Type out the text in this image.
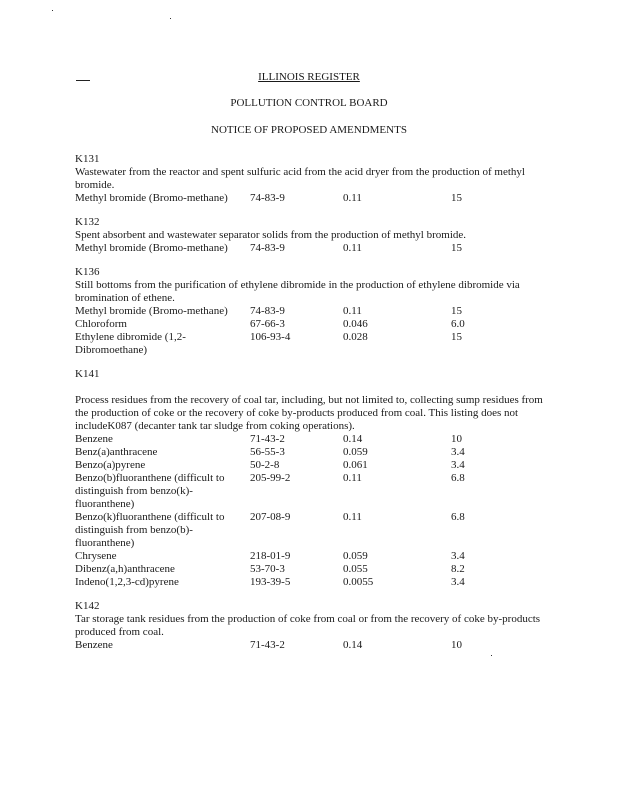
ILLINOIS REGISTER
POLLUTION CONTROL BOARD
NOTICE OF PROPOSED AMENDMENTS
K131
Wastewater from the reactor and spent sulfuric acid from the acid dryer from the production of methyl bromide.
Methyl bromide (Bromo-methane)	74-83-9	0.11	15
K132
Spent absorbent and wastewater separator solids from the production of methyl bromide.
Methyl bromide (Bromo-methane)	74-83-9	0.11	15
K136
Still bottoms from the purification of ethylene dibromide in the production of ethylene dibromide via bromination of ethene.
Methyl bromide (Bromo-methane)	74-83-9	0.11	15
Chloroform	67-66-3	0.046	6.0
Ethylene dibromide (1,2-Dibromoethane)
106-93-4	0.028	15
K141
Process residues from the recovery of coal tar, including, but not limited to, collecting sump residues from the production of coke or the recovery of coke by-products produced from coal. This listing does not includeK087 (decanter tank tar sludge from coking operations).
Benzene	71-43-2	0.14	10
Benz(a)anthracene	56-55-3	0.059	3.4
Benzo(a)pyrene	50-2-8	0.061	3.4
Benzo(b)fluoranthene (difficult to distinguish from benzo(k)-fluoranthene)
205-99-2	0.11	6.8
Benzo(k)fluoranthene (difficult to distinguish from benzo(b)-fluoranthene)
207-08-9	0.11	6.8
Chrysene	218-01-9	0.059	3.4
Dibenz(a,h)anthracene	53-70-3	0.055	8.2
Indeno(1,2,3-cd)pyrene	193-39-5	0.0055	3.4
K142
Tar storage tank residues from the production of coke from coal or from the recovery of coke by-products produced from coal.
Benzene	71-43-2	0.14	10
